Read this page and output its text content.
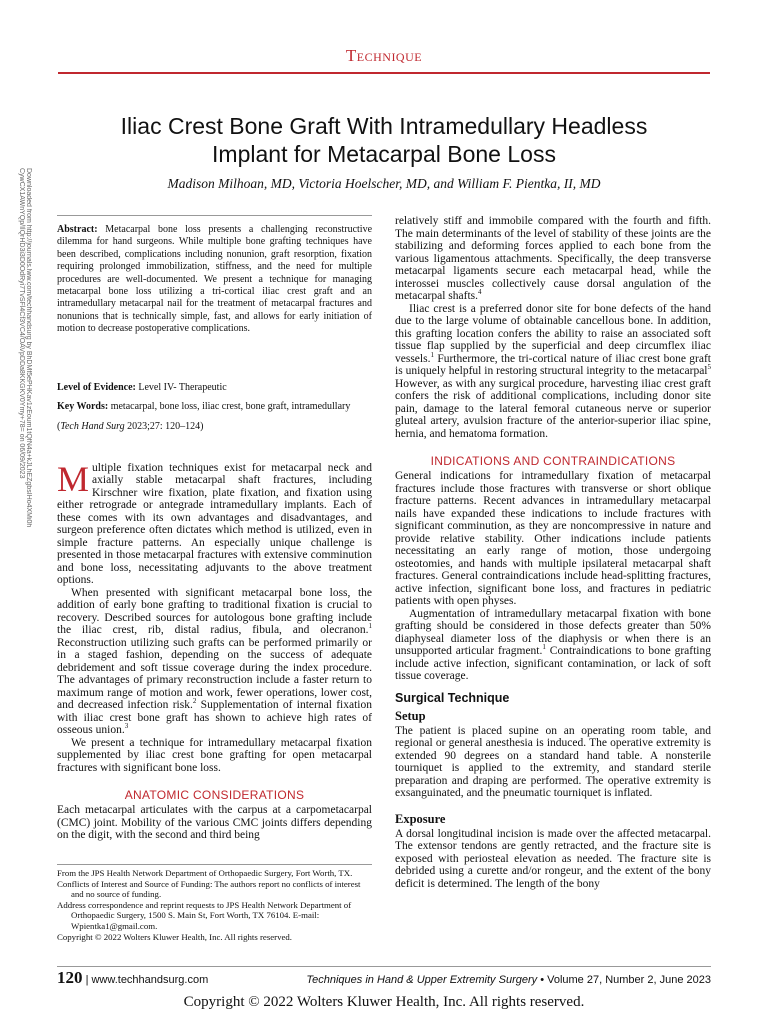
Technique
Iliac Crest Bone Graft With Intramedullary Headless Implant for Metacarpal Bone Loss
Madison Milhoan, MD, Victoria Hoelscher, MD, and William F. Pientka, II, MD
Downloaded from http://journals.lww.com/techhandsurg by BhDMf5ePHKav1zEoum1tQfN4a+kJLhEZgbsIHo4XMi0h
CywCX1AWnYQp/IlQrHD3i3D0OdRyi7TvSFl4Cf3VC4/OAVpDDa8KKGKV0Ymy+78= on 06/09/2023	Abstract: Metacarpal bone loss presents a challenging reconstructive dilemma for hand surgeons. While multiple bone grafting techniques have been described, complications including nonunion, graft resorption, fixation requiring prolonged immobilization, stiffness, and the need for multiple procedures are well-documented. We present a technique for managing metacarpal bone loss utilizing a tri-cortical iliac crest graft and an intramedullary metacarpal nail for the treatment of metacarpal fractures and nonunions that is technically simple, fast, and allows for early initiation of motion to decrease postoperative complications.
Level of Evidence: Level IV- Therapeutic
Key Words: metacarpal, bone loss, iliac crest, bone graft, intramedullary
(Tech Hand Surg 2023;27: 120–124)

Multiple fixation techniques exist for metacarpal neck and axially stable metacarpal shaft fractures, including Kirschner wire fixation, plate fixation, and fixation using either retrograde or antegrade intramedullary implants. Each of these comes with its own advantages and disadvantages, and surgeon preference often dictates which method is utilized, even in simple fracture patterns. An especially unique challenge is presented in those metacarpal fractures with extensive comminution and bone loss, necessitating adjuvants to the above treatment options.

When presented with significant metacarpal bone loss, the addition of early bone grafting to traditional fixation is crucial to recovery. Described sources for autologous bone grafting include the iliac crest, rib, distal radius, fibula, and olecranon.$^1$ Reconstruction utilizing such grafts can be performed primarily or in a staged fashion, depending on the success of adequate debridement and soft tissue coverage during the index procedure. The advantages of primary reconstruction include a faster return to maximum range of motion and work, fewer operations, lower cost, and decreased infection risk.$^2$ Supplementation of internal fixation with iliac crest bone graft has shown to achieve high rates of osseous union.$^3$

We present a technique for intramedullary metacarpal fixation supplemented by iliac crest bone grafting for open metacarpal fractures with significant bone loss.

ANATOMIC CONSIDERATIONS

Each metacarpal articulates with the carpus at a carpometacarpal (CMC) joint. Mobility of the various CMC joints differs depending on the digit, with the second and third being

From the JPS Health Network Department of Orthopaedic Surgery, Fort Worth, TX.
Conflicts of Interest and Source of Funding: The authors report no conflicts of interest and no source of funding.
Address correspondence and reprint requests to JPS Health Network Department of Orthopaedic Surgery, 1500 S. Main St, Fort Worth, TX 76104. E-mail: Wpientka1@gmail.com.
Copyright © 2022 Wolters Kluwer Health, Inc. All rights reserved.

relatively stiff and immobile compared with the fourth and fifth. The main determinants of the level of stability of these joints are the stabilizing and deforming forces applied to each bone from the various ligamentous attachments. Specifically, the deep transverse metacarpal ligaments secure each metacarpal head, while the interossei muscles collectively cause dorsal angulation of the metacarpal shafts.$^4$

Iliac crest is a preferred donor site for bone defects of the hand due to the large volume of obtainable cancellous bone. In addition, this grafting location confers the ability to raise an associated soft tissue flap supplied by the superficial and deep circumflex iliac vessels.$^1$ Furthermore, the tri-cortical nature of iliac crest bone graft is uniquely helpful in restoring structural integrity to the metacarpal$^5$ However, as with any surgical procedure, harvesting iliac crest graft confers the risk of additional complications, including donor site pain, damage to the lateral femoral cutaneous nerve or superior gluteal artery, avulsion fracture of the anterior-superior iliac spine, hernia, and hematoma formation.

INDICATIONS AND CONTRAINDICATIONS

General indications for intramedullary fixation of metacarpal fractures include those fractures with transverse or short oblique fracture patterns. Recent advances in intramedullary metacarpal nails have expanded these indications to include fractures with significant comminution, as they are noncompressive in nature and provide relative stability. Other indications include patients necessitating an early range of motion, those undergoing osteotomies, and hands with multiple ipsilateral metacarpal shaft fractures. General contraindications include head-splitting fractures, active infection, significant bone loss, and fractures in pediatric patients with open physes.

Augmentation of intramedullary metacarpal fixation with bone grafting should be considered in those defects greater than 50% diaphyseal diameter loss of the diaphysis or when there is an unsupported articular fragment.$^1$ Contraindications to bone grafting include active infection, significant contamination, or lack of soft tissue coverage.

Surgical Technique
Setup

The patient is placed supine on an operating room table, and regional or general anesthesia is induced. The operative extremity is extended 90 degrees on a standard hand table. A nonsterile tourniquet is applied to the extremity, and standard sterile preparation and draping are performed. The operative extremity is exsanguinated, and the pneumatic tourniquet is inflated.

Exposure

A dorsal longitudinal incision is made over the affected metacarpal. The extensor tendons are gently retracted, and the fracture site is exposed with periosteal elevation as needed. The fracture site is debrided using a curette and/or rongeur, and the extent of the bony deficit is determined. The length of the bony

120 | www.techhandsurg.com	Techniques in Hand & Upper Extremity Surgery • Volume 27, Number 2, June 2023
Copyright © 2022 Wolters Kluwer Health, Inc. All rights reserved.
